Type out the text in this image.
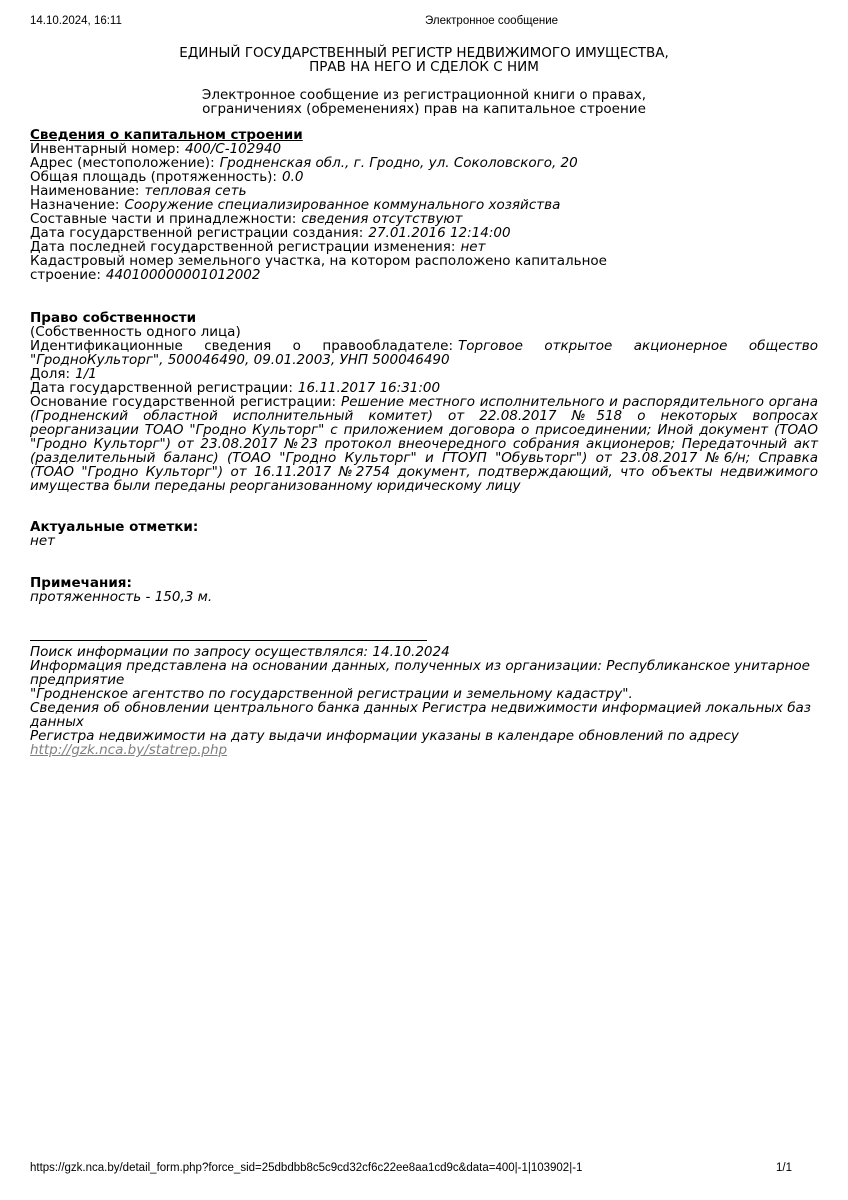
14.10.2024, 16:11	Электронное сообщение
ЕДИНЫЙ ГОСУДАРСТВЕННЫЙ РЕГИСТР НЕДВИЖИМОГО ИМУЩЕСТВА,
ПРАВ НА НЕГО И СДЕЛОК С НИМ
Электронное сообщение из регистрационной книги о правах,
ограничениях (обременениях) прав на капитальное строение
Сведения о капитальном строении
Инвентарный номер: 400/С-102940
Адрес (местоположение): Гродненская обл., г. Гродно, ул. Соколовского, 20
Общая площадь (протяженность): 0.0
Наименование: тепловая сеть
Назначение: Сооружение специализированное коммунального хозяйства
Составные части и принадлежности: сведения отсутствуют
Дата государственной регистрации создания: 27.01.2016 12:14:00
Дата последней государственной регистрации изменения: нет
Кадастровый номер земельного участка, на котором расположено капитальное строение: 440100000001012002
Право собственности
(Собственность одного лица)

Идентификационные сведения о правообладателе: Торговое открытое акционерное общество "ГродноКульторг", 500046490, 09.01.2003, УНП 500046490

Доля: 1/1
Дата государственной регистрации: 16.11.2017 16:31:00

Основание государственной регистрации: Решение местного исполнительного и распорядительного органа (Гродненский областной исполнительный комитет) от 22.08.2017 №518 о некоторых вопросах реорганизации ТОАО "Гродно Культорг" с приложением договора о присоединении; Иной документ (ТОАО "Гродно Культорг") от 23.08.2017 №23 протокол внеочередного собрания акционеров; Передаточный акт (разделительный баланс) (ТОАО "Гродно Культорг" и ГТОУП "Обувьторг") от 23.08.2017 №6/н; Справка (ТОАО "Гродно Культорг") от 16.11.2017 №2754 документ, подтверждающий, что объекты недвижимого имущества были переданы реорганизованному юридическому лицу

Актуальные отметки:
нет
Примечания:
протяженность - 150,3 м.
Поиск информации по запросу осуществлялся: 14.10.2024
Информация представлена на основании данных, полученных из организации: Республиканское унитарное предприятие
"Гродненское агентство по государственной регистрации и земельному кадастру".
Сведения об обновлении центрального банка данных Регистра недвижимости информацией локальных баз данных
Регистра недвижимости на дату выдачи информации указаны в календаре обновлений по адресу
http://gzk.nca.by/statrep.php
https://gzk.nca.by/detail_form.php?force_sid=25dbdbb8c5c9cd32cf6c22ee8aa1cd9c&data=400|-1|103902|-1	1/1
